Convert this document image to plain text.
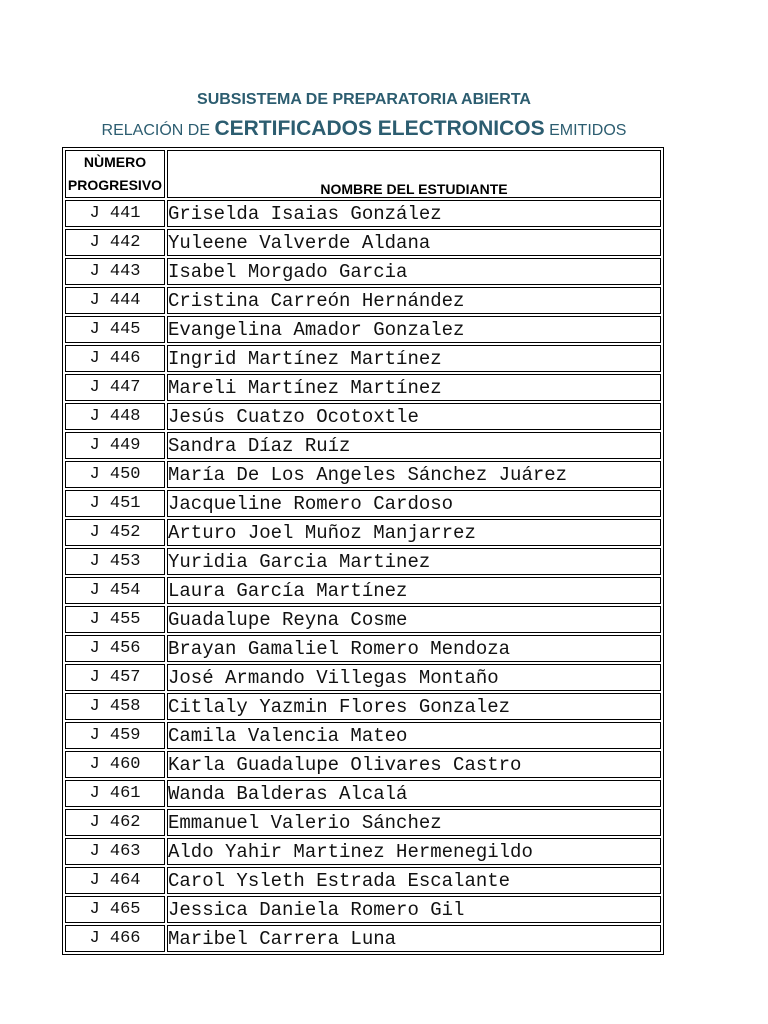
SUBSISTEMA DE PREPARATORIA ABIERTA
RELACIÓN DE CERTIFICADOS ELECTRONICOS EMITIDOS
NÙMERO
PROGRESIVO	NOMBRE DEL ESTUDIANTE
J 441	Griselda Isaias González
J 442	Yuleene Valverde Aldana
J 443	Isabel Morgado Garcia
J 444	Cristina Carreón Hernández
J 445	Evangelina Amador Gonzalez
J 446	Ingrid Martínez Martínez
J 447	Mareli Martínez Martínez
J 448	Jesús Cuatzo Ocotoxtle
J 449	Sandra Díaz Ruíz
J 450	María De Los Angeles Sánchez Juárez
J 451	Jacqueline Romero Cardoso
J 452	Arturo Joel Muñoz Manjarrez
J 453	Yuridia Garcia Martinez
J 454	Laura García Martínez
J 455	Guadalupe Reyna Cosme
J 456	Brayan Gamaliel Romero Mendoza
J 457	José Armando Villegas Montaño
J 458	Citlaly Yazmin Flores Gonzalez
J 459	Camila Valencia Mateo
J 460	Karla Guadalupe Olivares Castro
J 461	Wanda Balderas Alcalá
J 462	Emmanuel Valerio Sánchez
J 463	Aldo Yahir Martinez Hermenegildo
J 464	Carol Ysleth Estrada Escalante
J 465	Jessica Daniela Romero Gil
J 466	Maribel Carrera Luna
